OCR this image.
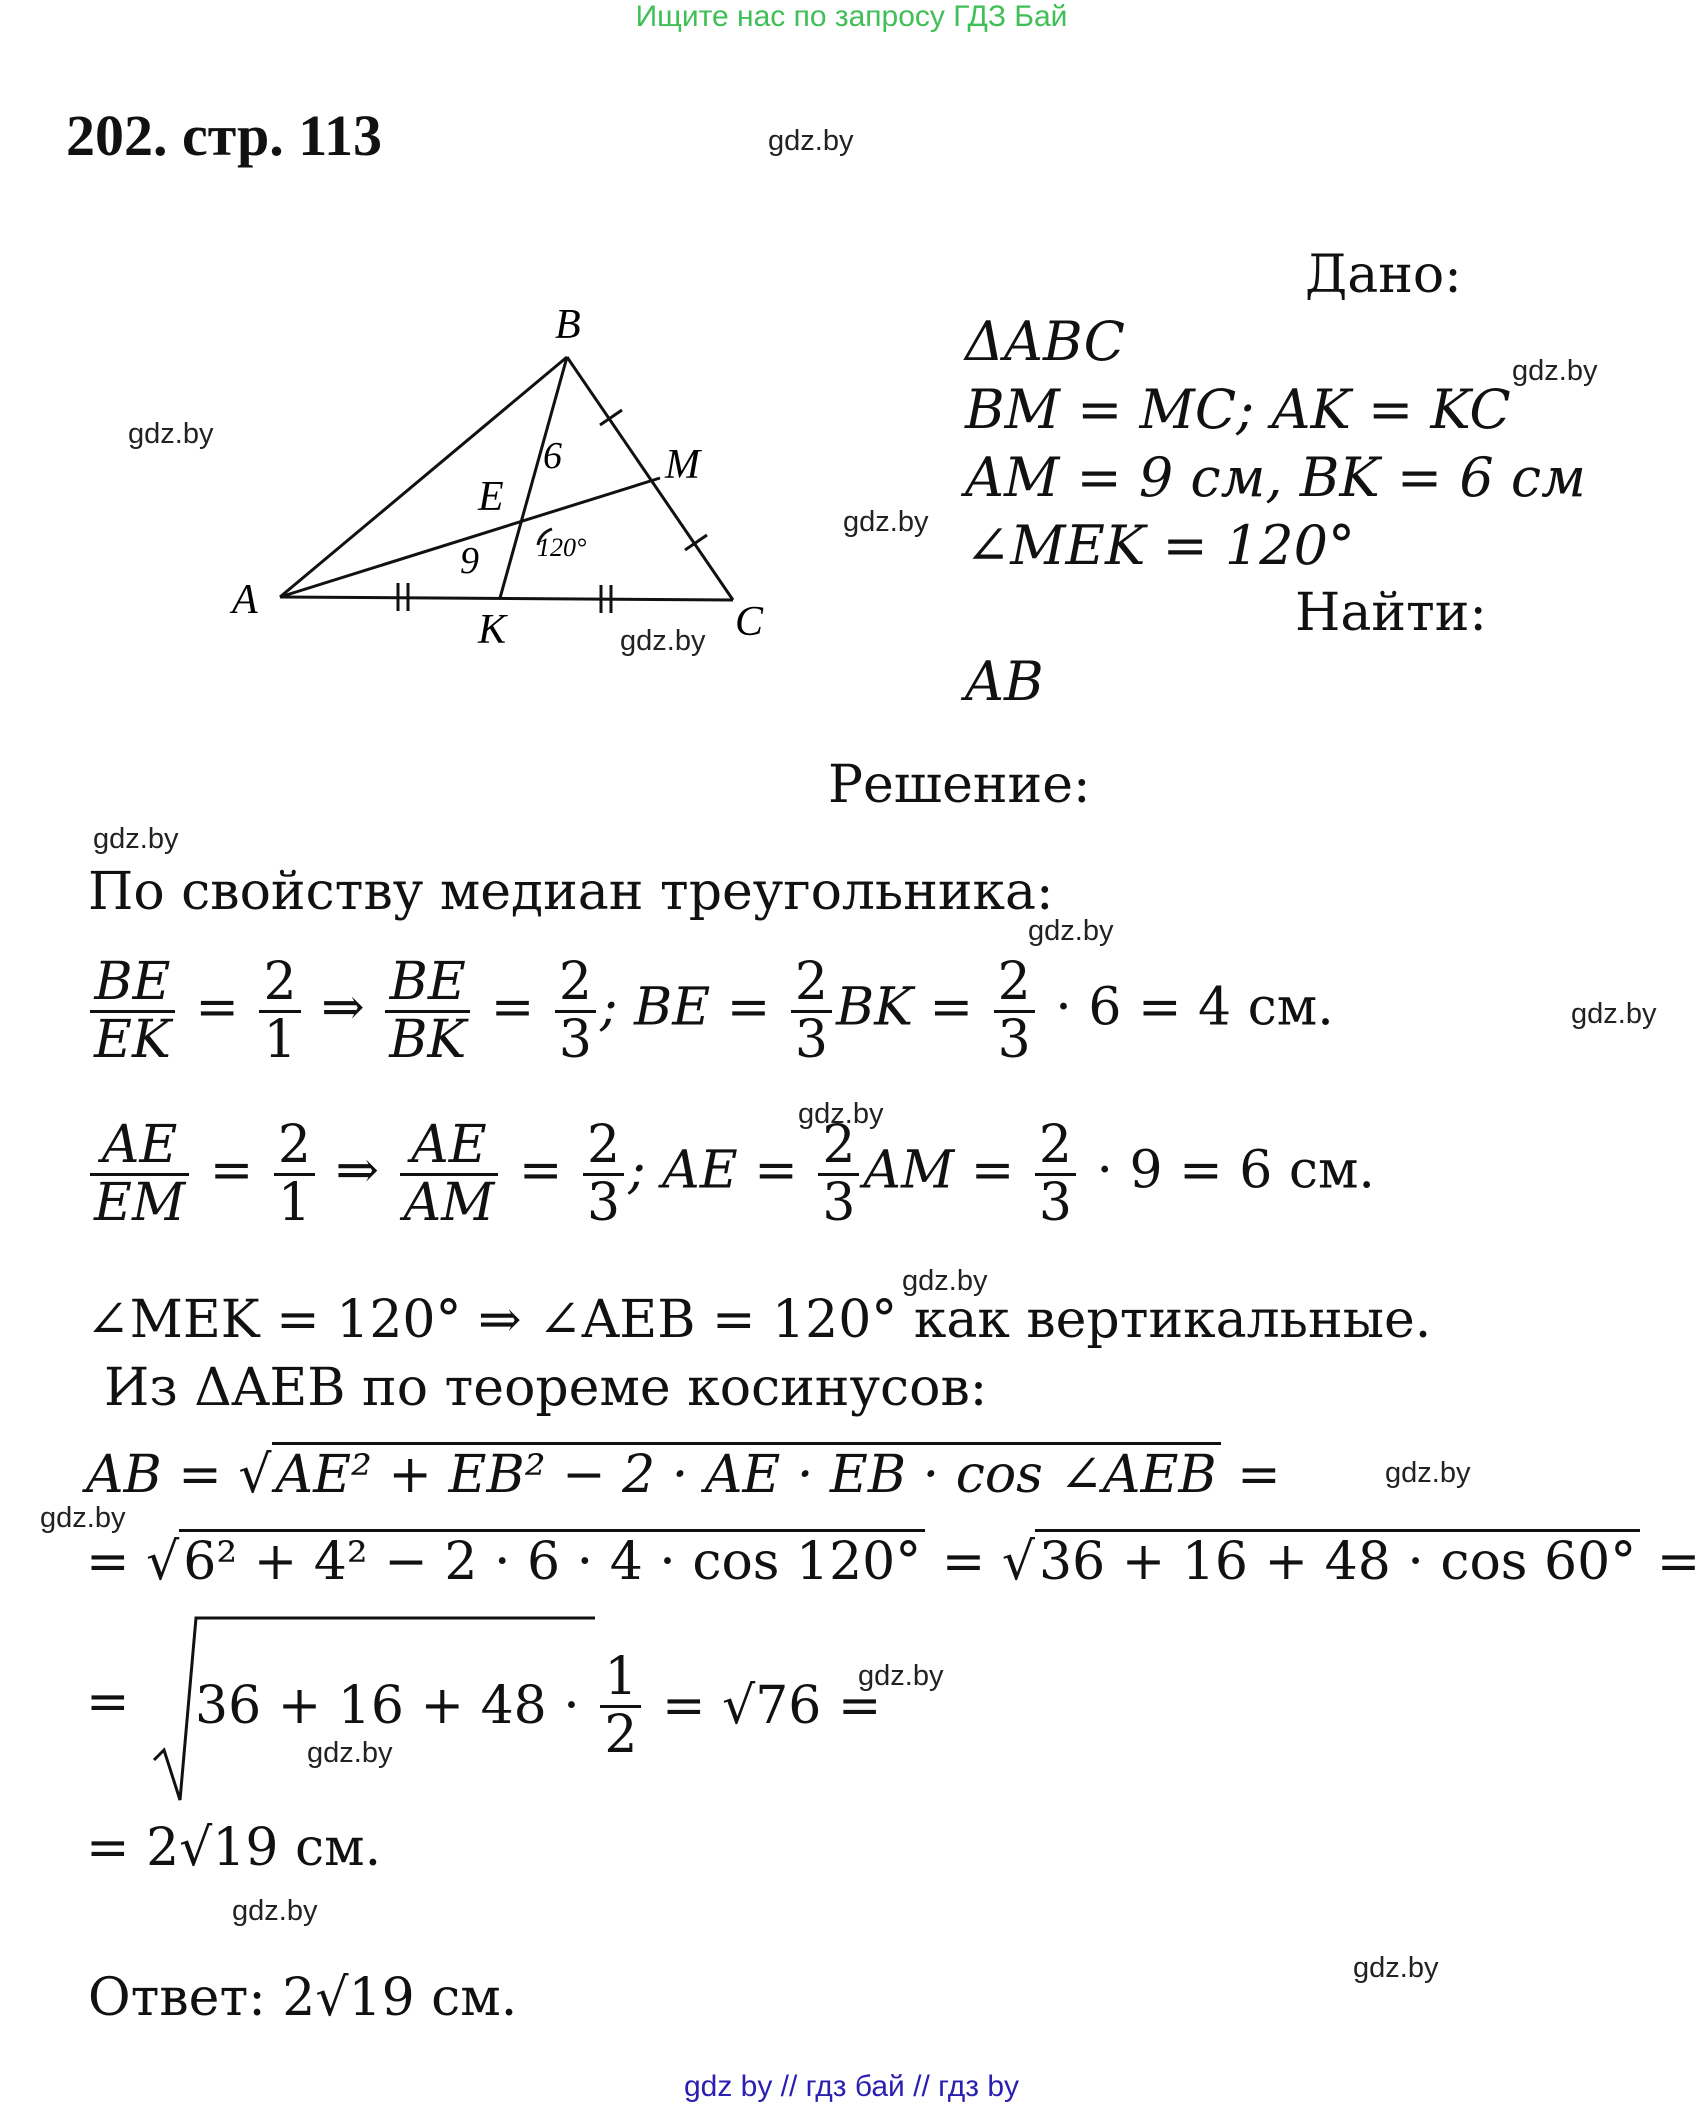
Ищите нас по запросу ГДЗ Бай
202. стр. 113	gdz.by
gdz.by
gdz.by
gdz.by
gdz.by
gdz.by
gdz.by
gdz.by
gdz.by
gdz.by
gdz.by
gdz.by
gdz.by
gdz.by
gdz.by
gdz.by
B
A	C
M
K
E
6
9 120°
Дано:
ΔABC
BM = MC; AK = KC
AM = 9 см, BK = 6 см
∠MEK = 120°
Найти:
AB
Решение:
По свойству медиан треугольника:
$\frac{BE}{EK} = \frac{2}{1}$ ⇒ $\frac{BE}{BK} = \frac{2}{3}$ ; BE = $\frac{2}{3}$ BK = $\frac{2}{3} \cdot 6 = 4$ см.
$\frac{AE}{EM} = \frac{2}{1}$ ⇒ $\frac{AE}{AM} = \frac{2}{3}$ ; AE = $\frac{2}{3}$ AM = $\frac{2}{3} \cdot 9 = 6$ см.
∠MEK = 120° ⇒ ∠AEB = 120° как вертикальные.
Из ΔAEB по теореме косинусов:
AB = √AE² + EB² − 2 · AE · EB · cos ∠AEB =
= √6² + 4² − 2 · 6 · 4 · cos 120° = √36 + 16 + 48 · cos 60° =
= $36 + 16 + 48 \cdot \frac{1}{2} = √76$ =
= 2√19 см.
Ответ: 2√19 см.
gdz by // гдз бай // гдз by
